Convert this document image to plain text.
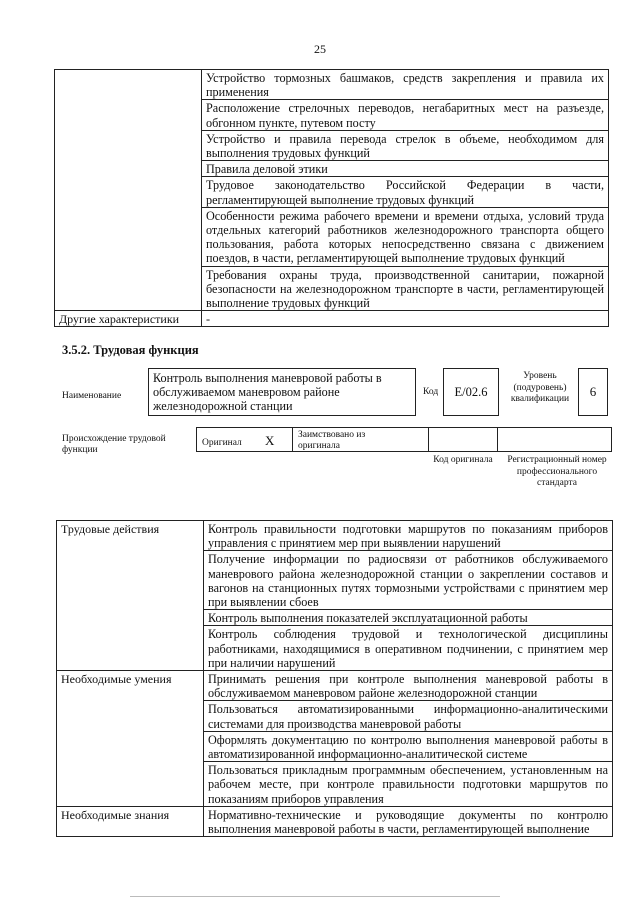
25
	Устройство тормозных башмаков, средств закрепления и правила их применения
	Расположение стрелочных переводов, негабаритных мест на разъезде, обгонном пункте, путевом посту
	Устройство и правила перевода стрелок в объеме, необходимом для выполнения трудовых функций
	Правила деловой этики
	Трудовое законодательство Российской Федерации в части, регламентирующей выполнение трудовых функций
	Особенности режима рабочего времени и времени отдыха, условий труда отдельных категорий работников железнодорожного транспорта общего пользования, работа которых непосредственно связана с движением поездов, в части, регламентирующей выполнение трудовых функций
	Требования охраны труда, производственной санитарии, пожарной безопасности на железнодорожном транспорте в части, регламентирующей выполнение трудовых функций
Другие характеристики	-
3.5.2. Трудовая функция
Наименование
Контроль выполнения маневровой работы в обслуживаемом маневровом районе железнодорожной станции
Код	E/02.6
Уровень (подуровень) квалификации	6
Происхождение трудовой функции
Оригинал X Заимствовано из оригинала
Код оригинала	Регистрационный номер профессионального стандарта
Трудовые действия	Контроль правильности подготовки маршрутов по показаниям приборов управления с принятием мер при выявлении нарушений
	Получение информации по радиосвязи от работников обслуживаемого маневрового района железнодорожной станции о закреплении составов и вагонов на станционных путях тормозными устройствами с принятием мер при выявлении сбоев
	Контроль выполнения показателей эксплуатационной работы
	Контроль соблюдения трудовой и технологической дисциплины работниками, находящимися в оперативном подчинении, с принятием мер при наличии нарушений
Необходимые умения	Принимать решения при контроле выполнения маневровой работы в обслуживаемом маневровом районе железнодорожной станции
	Пользоваться автоматизированными информационно-аналитическими системами для производства маневровой работы
	Оформлять документацию по контролю выполнения маневровой работы в автоматизированной информационно-аналитической системе
	Пользоваться прикладным программным обеспечением, установленным на рабочем месте, при контроле правильности подготовки маршрутов по показаниям приборов управления
Необходимые знания	Нормативно-технические и руководящие документы по контролю выполнения маневровой работы в части, регламентирующей выполнение
